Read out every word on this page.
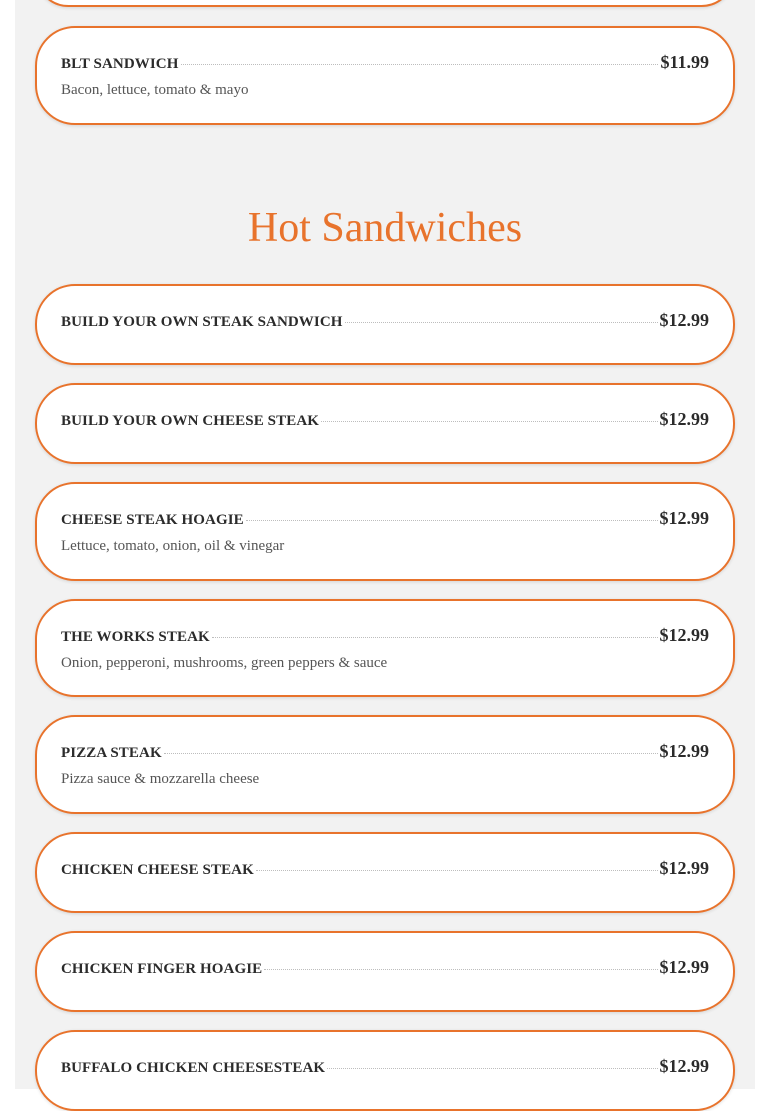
BLT SANDWICH	$11.99
Bacon, lettuce, tomato & mayo
Hot Sandwiches
BUILD YOUR OWN STEAK SANDWICH	$12.99
BUILD YOUR OWN CHEESE STEAK	$12.99
CHEESE STEAK HOAGIE	$12.99
Lettuce, tomato, onion, oil & vinegar
THE WORKS STEAK	$12.99
Onion, pepperoni, mushrooms, green peppers & sauce
PIZZA STEAK	$12.99
Pizza sauce & mozzarella cheese
CHICKEN CHEESE STEAK	$12.99
CHICKEN FINGER HOAGIE	$12.99
BUFFALO CHICKEN CHEESESTEAK	$12.99
